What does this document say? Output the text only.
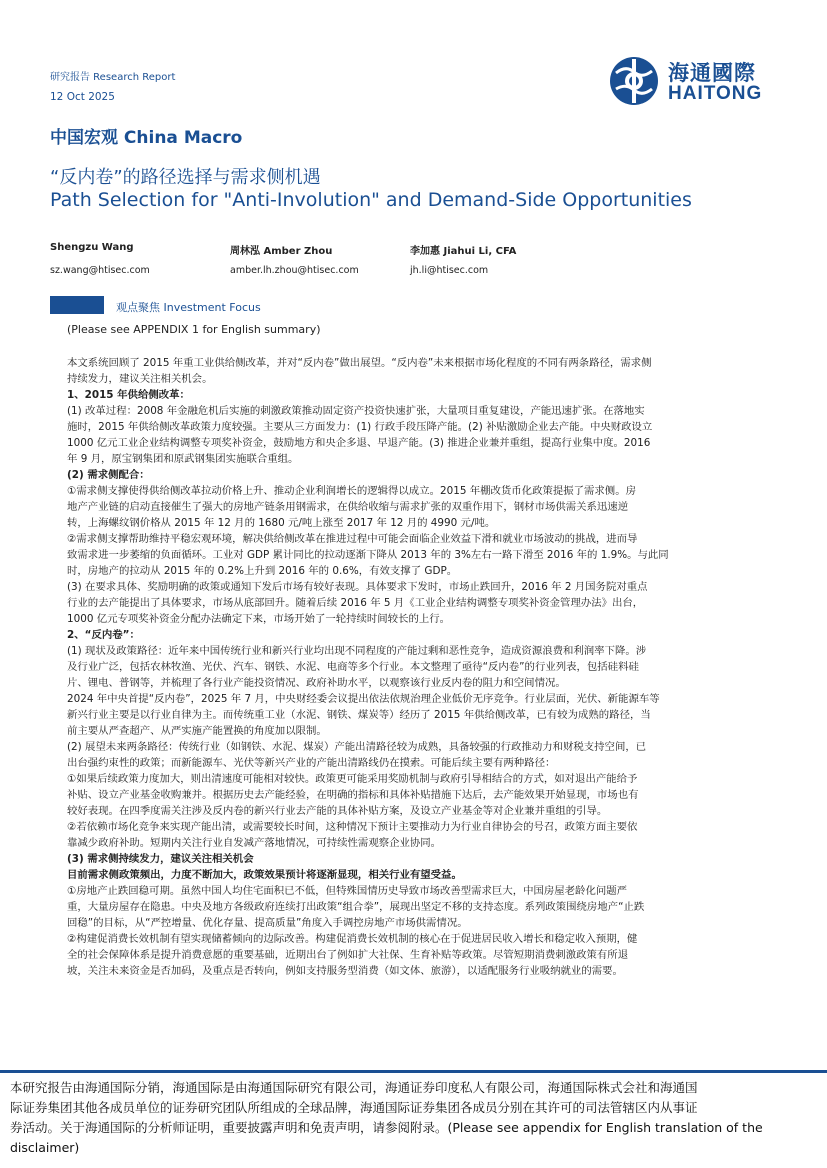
研究报告 Research Report
12 Oct 2025
海通國際
HAITONG
中国宏观 China Macro
“反内卷”的路径选择与需求侧机遇
Path Selection for "Anti-Involution" and Demand-Side Opportunities
Shengzu Wang
sz.wang@htisec.com
周林泓 Amber Zhou
amber.lh.zhou@htisec.com
李加惠 Jiahui Li, CFA
jh.li@htisec.com
观点聚焦 Investment Focus
(Please see APPENDIX 1 for English summary)
本文系统回顾了 2015 年重工业供给侧改革，并对“反内卷”做出展望。“反内卷”未来根据市场化程度的不同有两条路径，需求侧
持续发力，建议关注相关机会。
1、2015 年供给侧改革：
(1) 改革过程：2008 年金融危机后实施的刺激政策推动固定资产投资快速扩张，大量项目重复建设，产能迅速扩张。在落地实
施时，2015 年供给侧改革政策力度较强。主要从三方面发力：(1) 行政手段压降产能。(2) 补贴激励企业去产能。中央财政设立
1000 亿元工业企业结构调整专项奖补资金，鼓励地方和央企多退、早退产能。(3) 推进企业兼并重组，提高行业集中度。2016
年 9 月，原宝钢集团和原武钢集团实施联合重组。
(2) 需求侧配合：
①需求侧支撑使得供给侧改革拉动价格上升、推动企业利润增长的逻辑得以成立。2015 年棚改货币化政策提振了需求侧。房
地产产业链的启动直接催生了强大的房地产链条用钢需求，在供给收缩与需求扩张的双重作用下，钢材市场供需关系迅速逆
转，上海螺纹钢价格从 2015 年 12 月的 1680 元/吨上涨至 2017 年 12 月的 4990 元/吨。
②需求侧支撑帮助维持平稳宏观环境，解决供给侧改革在推进过程中可能会面临企业效益下滑和就业市场波动的挑战，进而导
致需求进一步萎缩的负面循环。工业对 GDP 累计同比的拉动逐渐下降从 2013 年的 3%左右一路下滑至 2016 年的 1.9%。与此同
时，房地产的拉动从 2015 年的 0.2%上升到 2016 年的 0.6%，有效支撑了 GDP。
(3) 在要求具体、奖励明确的政策或通知下发后市场有较好表现。具体要求下发时，市场止跌回升，2016 年 2 月国务院对重点
行业的去产能提出了具体要求，市场从底部回升。随着后续 2016 年 5 月《工业企业结构调整专项奖补资金管理办法》出台，
1000 亿元专项奖补资金分配办法确定下来，市场开始了一轮持续时间较长的上行。
2、“反内卷”：
(1) 现状及政策路径：近年来中国传统行业和新兴行业均出现不同程度的产能过剩和恶性竞争，造成资源浪费和利润率下降。涉
及行业广泛，包括农林牧渔、光伏、汽车、钢铁、水泥、电商等多个行业。本文整理了亟待“反内卷”的行业列表，包括硅料硅
片、锂电、普钢等，并梳理了各行业产能投资情况、政府补助水平，以观察该行业反内卷的阻力和空间情况。
2024 年中央首提“反内卷”，2025 年 7 月，中央财经委会议提出依法依规治理企业低价无序竞争。行业层面，光伏、新能源车等
新兴行业主要是以行业自律为主。而传统重工业（水泥、钢铁、煤炭等）经历了 2015 年供给侧改革，已有较为成熟的路径，当
前主要从严查超产、从严实施产能置换的角度加以限制。
(2) 展望未来两条路径：传统行业（如钢铁、水泥、煤炭）产能出清路径较为成熟，具备较强的行政推动力和财税支持空间，已
出台强约束性的政策；而新能源车、光伏等新兴产业的产能出清路线仍在摸索。可能后续主要有两种路径：
①如果后续政策力度加大，则出清速度可能相对较快。政策更可能采用奖励机制与政府引导相结合的方式，如对退出产能给予
补贴、设立产业基金收购兼并。根据历史去产能经验，在明确的指标和具体补贴措施下达后，去产能效果开始显现，市场也有
较好表现。在四季度需关注涉及反内卷的新兴行业去产能的具体补贴方案，及设立产业基金等对企业兼并重组的引导。
②若依赖市场化竞争来实现产能出清，或需要较长时间，这种情况下预计主要推动力为行业自律协会的号召，政策方面主要依
靠减少政府补助。短期内关注行业自发减产落地情况，可持续性需观察企业协同。
(3) 需求侧持续发力，建议关注相关机会
目前需求侧政策频出，力度不断加大，政策效果预计将逐渐显现，相关行业有望受益。
①房地产止跌回稳可期。虽然中国人均住宅面积已不低，但特殊国情历史导致市场改善型需求巨大，中国房屋老龄化问题严
重，大量房屋存在隐患。中央及地方各级政府连续打出政策“组合拳”，展现出坚定不移的支持态度。系列政策围绕房地产“止跌
回稳”的目标，从“严控增量、优化存量、提高质量”角度入手调控房地产市场供需情况。
②构建促消费长效机制有望实现储蓄倾向的边际改善。构建促消费长效机制的核心在于促进居民收入增长和稳定收入预期，健
全的社会保障体系是提升消费意愿的重要基础，近期出台了例如扩大社保、生育补贴等政策。尽管短期消费刺激政策有所退
坡，关注未来资金是否加码，及重点是否转向，例如支持服务型消费（如文体、旅游），以适配服务行业吸纳就业的需要。
本研究报告由海通国际分销，海通国际是由海通国际研究有限公司，海通证券印度私人有限公司，海通国际株式会社和海通国
际证券集团其他各成员单位的证券研究团队所组成的全球品牌，海通国际证券集团各成员分别在其许可的司法管辖区内从事证
券活动。关于海通国际的分析师证明，重要披露声明和免责声明，请参阅附录。(Please see appendix for English translation of the
disclaimer)
